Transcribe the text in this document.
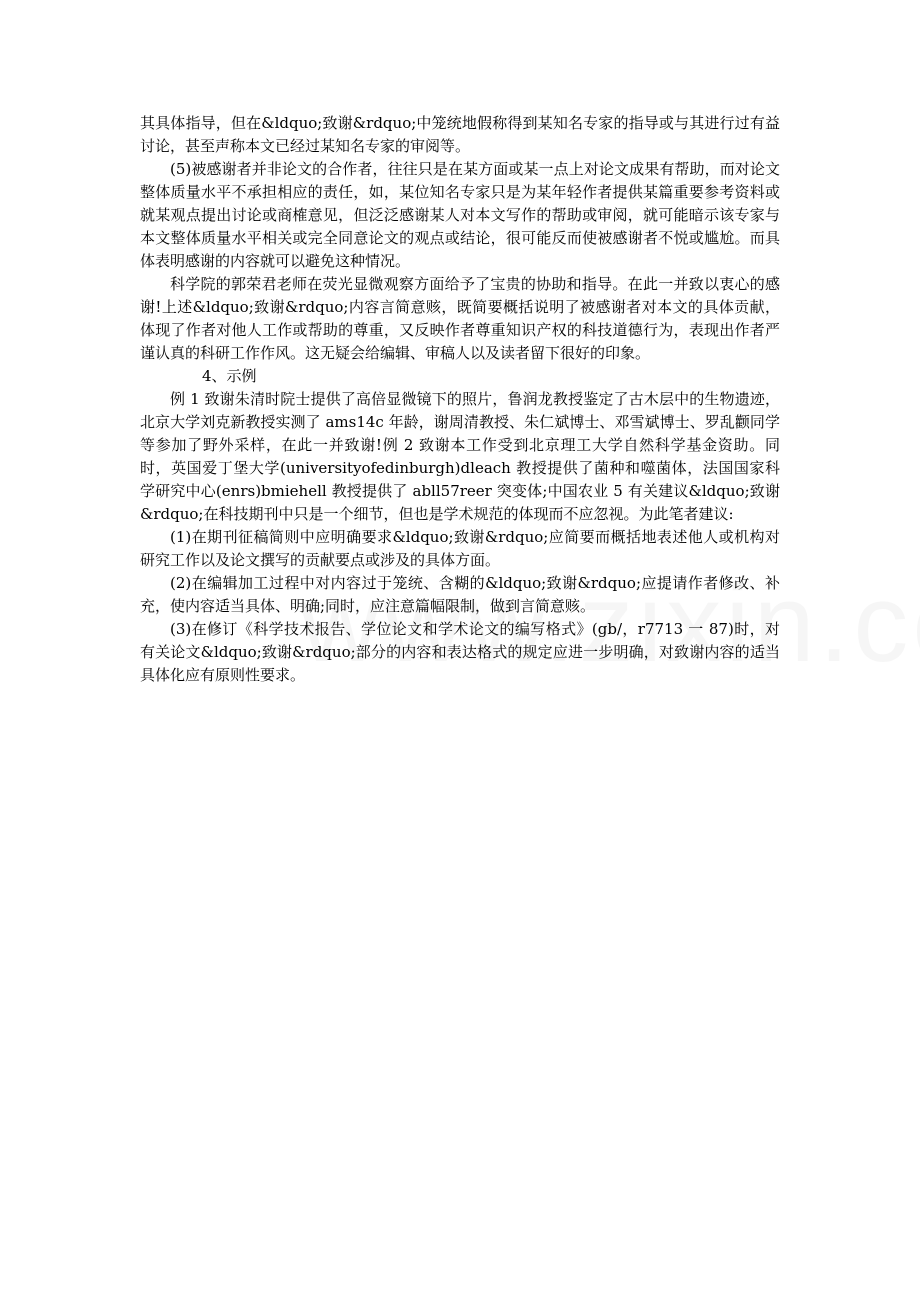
其具体指导，但在&ldquo;致谢&rdquo;中笼统地假称得到某知名专家的指导或与其进行过有益讨论，甚至声称本文已经过某知名专家的审阅等。

(5)被感谢者并非论文的合作者，往往只是在某方面或某一点上对论文成果有帮助，而对论文整体质量水平不承担相应的责任，如，某位知名专家只是为某年轻作者提供某篇重要参考资料或就某观点提出讨论或商榷意见，但泛泛感谢某人对本文写作的帮助或审阅，就可能暗示该专家与本文整体质量水平相关或完全同意论文的观点或结论，很可能反而使被感谢者不悦或尴尬。而具体表明感谢的内容就可以避免这种情况。

科学院的郭荣君老师在荧光显微观察方面给予了宝贵的协助和指导。在此一并致以衷心的感谢!上述&ldquo;致谢&rdquo;内容言简意赅，既简要概括说明了被感谢者对本文的具体贡献，体现了作者对他人工作或帮助的尊重，又反映作者尊重知识产权的科技道德行为，表现出作者严谨认真的科研工作作风。这无疑会给编辑、审稿人以及读者留下很好的印象。

4、示例

例 1 致谢朱清时院士提供了高倍显微镜下的照片，鲁润龙教授鉴定了古木层中的生物遗迹，北京大学刘克新教授实测了 ams14c 年龄，谢周清教授、朱仁斌博士、邓雪斌博士、罗乱颧同学等参加了野外采样，在此一并致谢!例 2 致谢本工作受到北京理工大学自然科学基金资助。同时，英国爱丁堡大学(universityofedinburgh)dleach 教授提供了菌种和噬菌体，法国国家科学研究中心(enrs)bmiehell 教授提供了 abll57reer 突变体;中国农业 5 有关建议&ldquo;致谢&rdquo;在科技期刊中只是一个细节，但也是学术规范的体现而不应忽视。为此笔者建议:

(1)在期刊征稿简则中应明确要求&ldquo;致谢&rdquo;应简要而概括地表述他人或机构对研究工作以及论文撰写的贡献要点或涉及的具体方面。

(2)在编辑加工过程中对内容过于笼统、含糊的&ldquo;致谢&rdquo;应提请作者修改、补充，使内容适当具体、明确;同时，应注意篇幅限制，做到言简意赅。

(3)在修订《科学技术报告、学位论文和学术论文的编写格式》(gb/，r7713 一 87)时，对有关论文&ldquo;致谢&rdquo;部分的内容和表达格式的规定应进一步明确，对致谢内容的适当具体化应有原则性要求。
